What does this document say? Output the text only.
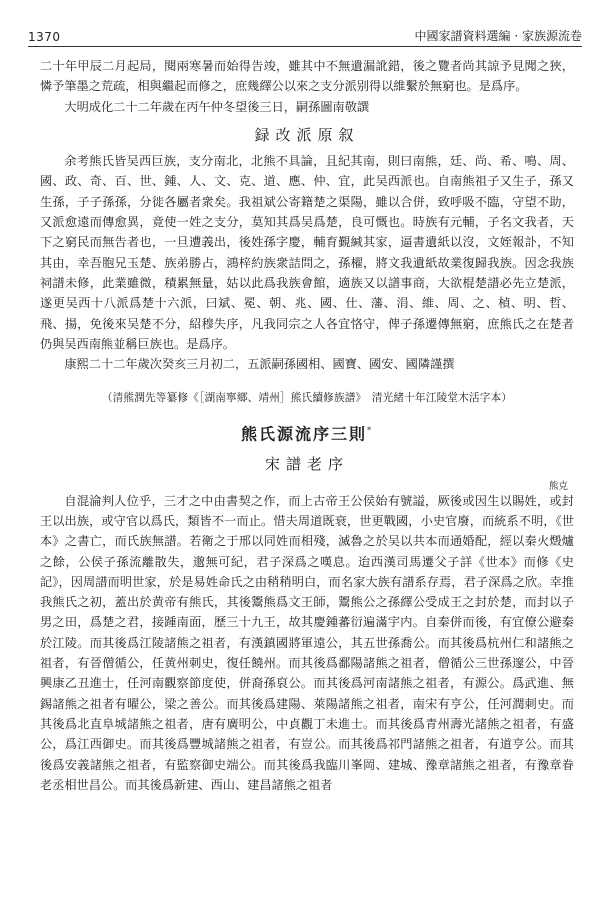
1370	中國家譜資料選編 · 家族源流卷

二十年甲辰二月起局，閱兩寒暑而始得告竣，雖其中不無遺漏訛錯，後之覽者尚其諒予見聞之狹，憐予筆墨之荒疏，相與繼起而修之，庶幾繹公以來之支分派别得以維繫於無窮也。是爲序。

大明成化二十二年歲在丙午仲冬望後三日，嗣孫圖南敬譔
録改派原叙

余考熊氏皆吴西巨族，支分南北，北熊不具論，且紀其南，則曰南熊，廷、尚、希、鳴、周、國、政、奇、百、世、鍾、人、文、克、道、應、仲、宜，此吴西派也。自南熊祖子又生子，孫又生孫，子子孫孫，分徙各屬者衆矣。我祖斌公寄籍楚之渠陽，雖以合併，致呼吸不臨，守望不助，又派愈遠而傳愈異，竟使一姓之支分，莫知其爲吴爲楚，良可慨也。時族有元輔，子名文我者，天下之窮民而無告者也，一旦遭義出，後姓孫字慶，輔育覲緘其家，逼書遺紙以沒，文姪報訃，不知其由，幸吾胞兄玉楚、族弟勝占，鴻梓約族衆詰問之，孫櫂，將文我遺紙故業復歸我族。因念我族祠譜未修，此業雖微，積累無量，姑以此爲我族會館，適族又以譜事商，大欲棍楚譜必先立楚派，遂更吴西十八派爲楚十六派，曰斌、冕、朝、兆、國、仕、藩、涓、維、周、之、楨、明、哲、飛、揚，免後來吴楚不分，紹穆失序，凡我同宗之人各宜恪守，俾子孫遷傳無窮，庶熊氏之在楚者仍與吴西南熊並稱巨族也。是爲序。

康熙二十二年歲次癸亥三月初二，五派嗣孫國相、國寶、國安、國隣謹撰
（清熊潤先等纂修《［湖南寧鄉、靖州］熊氏續修族譜》　清光緒十年江陵堂木活字本）
熊氏源流序三則*
宋譜老序
熊克

自混淪判人位乎，三才之中由書契之作，而上古帝王公侯始有號謚，厥後或因生以賜姓，或封王以出族，或守官以爲氏，類皆不一而止。惜夫周道既衰，世更戰國，小史官廢，而統系不明，《世本》之書亡，而氏族無譜。若衛之于邢以同姓而相殘，滅魯之於吴以共本而通婚配，經以秦火燬爐之餘，公侯子孫流離散失，邈無可紀，君子深爲之嘆息。迨西漢司馬遷父子詳《世本》而修《史記》，因周譜而明世家，於是易姓命氏之由稍稍明白，而名家大族有譜系存焉，君子深爲之欣。幸推我熊氏之初，蓋出於黄帝有熊氏，其後鬻熊爲文王師，鬻熊公之孫繹公受成王之封於楚，而封以子男之田，爲楚之君，接踵南面，歷三十九王，故其慶鍾蕃衍遍滿宇内。自秦併而後，有宜僚公避秦於江陵。而其後爲江陵諸熊之祖者，有漢鎮國將軍遠公，其五世孫喬公。而其後爲杭州仁和諸熊之祖者，有晉僧循公，任黄州刺史，復任饒州。而其後爲鄱陽諸熊之祖者，僧循公三世孫邃公，中晉興康乙丑進士，任河南觀察節度使，併裔孫裒公。而其後爲河南諸熊之祖者，有源公。爲武進、無錫諸熊之祖者有曜公，梁之善公。而其後爲建陽、萊陽諸熊之祖者，南宋有亨公，任河潤刺史。而其後爲北直阜城諸熊之祖者，唐有廣明公，中貞觀丁未進士。而其後爲青州壽光諸熊之祖者，有盛公，爲江西御史。而其後爲豐城諸熊之祖者，有豈公。而其後爲祁門諸熊之祖者，有道亨公。而其後爲安義諸熊之祖者，有監察御史端公。而其後爲我臨川峯岡、建城、豫章諸熊之祖者，有豫章眷老丞相世昌公。而其後爲新建、西山、建昌諸熊之祖者
